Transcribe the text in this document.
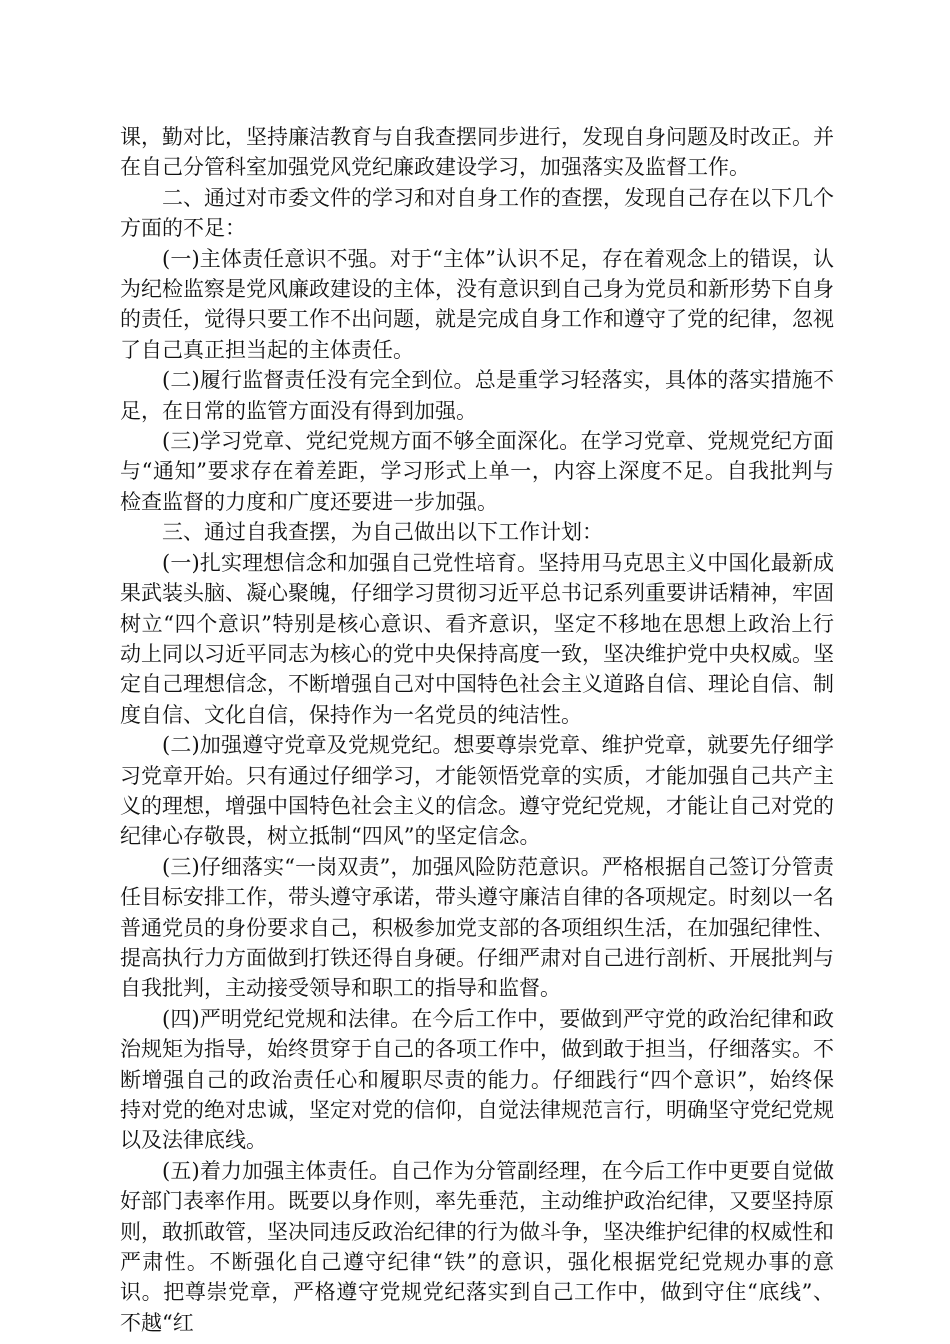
课，勤对比，坚持廉洁教育与自我查摆同步进行，发现自身问题及时改正。并在自己分管科室加强党风党纪廉政建设学习，加强落实及监督工作。

二、通过对市委文件的学习和对自身工作的查摆，发现自己存在以下几个方面的不足：

(一)主体责任意识不强。对于“主体”认识不足，存在着观念上的错误，认为纪检监察是党风廉政建设的主体，没有意识到自己身为党员和新形势下自身的责任，觉得只要工作不出问题，就是完成自身工作和遵守了党的纪律，忽视了自己真正担当起的主体责任。

(二)履行监督责任没有完全到位。总是重学习轻落实，具体的落实措施不足，在日常的监管方面没有得到加强。

(三)学习党章、党纪党规方面不够全面深化。在学习党章、党规党纪方面与“通知”要求存在着差距，学习形式上单一，内容上深度不足。自我批判与检查监督的力度和广度还要进一步加强。

三、通过自我查摆，为自己做出以下工作计划：

(一)扎实理想信念和加强自己党性培育。坚持用马克思主义中国化最新成果武装头脑、凝心聚魄，仔细学习贯彻习近平总书记系列重要讲话精神，牢固树立“四个意识”特别是核心意识、看齐意识，坚定不移地在思想上政治上行动上同以习近平同志为核心的党中央保持高度一致，坚决维护党中央权威。坚定自己理想信念，不断增强自己对中国特色社会主义道路自信、理论自信、制度自信、文化自信，保持作为一名党员的纯洁性。

(二)加强遵守党章及党规党纪。想要尊崇党章、维护党章，就要先仔细学习党章开始。只有通过仔细学习，才能领悟党章的实质，才能加强自己共产主义的理想，增强中国特色社会主义的信念。遵守党纪党规，才能让自己对党的纪律心存敬畏，树立抵制“四风”的坚定信念。

(三)仔细落实“一岗双责”，加强风险防范意识。严格根据自己签订分管责任目标安排工作，带头遵守承诺，带头遵守廉洁自律的各项规定。时刻以一名普通党员的身份要求自己，积极参加党支部的各项组织生活，在加强纪律性、提高执行力方面做到打铁还得自身硬。仔细严肃对自己进行剖析、开展批判与自我批判，主动接受领导和职工的指导和监督。

(四)严明党纪党规和法律。在今后工作中，要做到严守党的政治纪律和政治规矩为指导，始终贯穿于自己的各项工作中，做到敢于担当，仔细落实。不断增强自己的政治责任心和履职尽责的能力。仔细践行“四个意识”，始终保持对党的绝对忠诚，坚定对党的信仰，自觉法律规范言行，明确坚守党纪党规以及法律底线。

(五)着力加强主体责任。自己作为分管副经理，在今后工作中更要自觉做好部门表率作用。既要以身作则，率先垂范，主动维护政治纪律，又要坚持原则，敢抓敢管，坚决同违反政治纪律的行为做斗争，坚决维护纪律的权威性和严肃性。不断强化自己遵守纪律“铁”的意识，强化根据党纪党规办事的意识。把尊崇党章，严格遵守党规党纪落实到自己工作中，做到守住“底线”、不越“红
